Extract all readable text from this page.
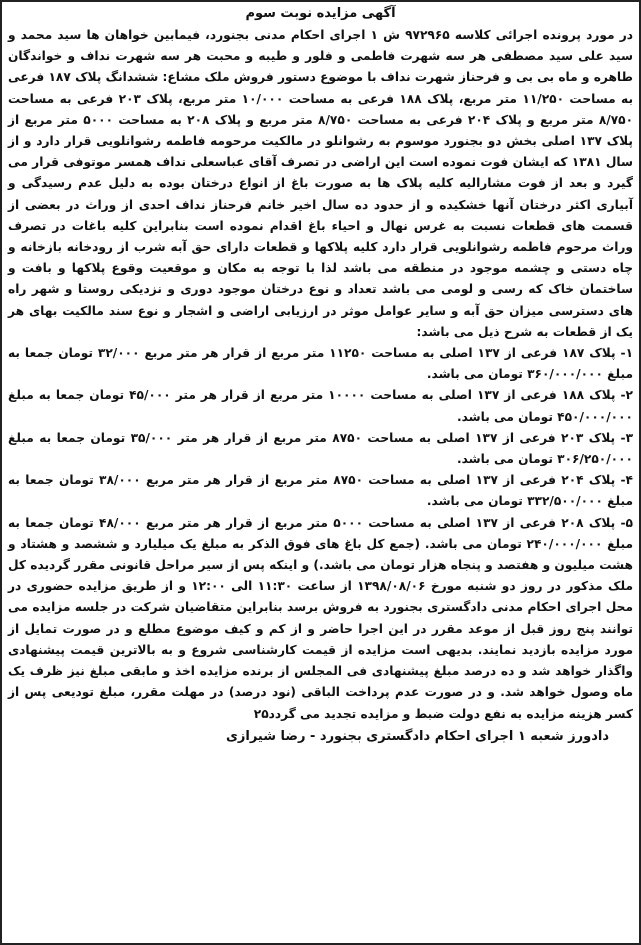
آگهی مزایده نوبت سوم

در مورد پرونده اجرائی کلاسه ۹۷۲۹۶۵ ش ۱ اجرای احکام مدنی بجنورد، فیمابین خواهان ها سید محمد و سید علی سید مصطفی هر سه شهرت فاطمی و فلور و طیبه و محبت هر سه شهرت نداف و خواندگان طاهره و ماه بی بی و فرحناز شهرت نداف با موضوع دستور فروش ملک مشاع: ششدانگ پلاک ۱۸۷ فرعی به مساحت ۱۱/۲۵۰ متر مربع، پلاک ۱۸۸ فرعی به مساحت ۱۰/۰۰۰ متر مربع، پلاک ۲۰۳ فرعی به مساحت ۸/۷۵۰ متر مربع و پلاک ۲۰۴ فرعی به مساحت ۸/۷۵۰ متر مربع و پلاک ۲۰۸ به مساحت ۵۰۰۰ متر مربع از پلاک ۱۳۷ اصلی بخش دو بجنورد موسوم به رشوانلو در مالکیت مرحومه فاطمه رشوانلویی قرار دارد و از سال ۱۳۸۱ که ایشان فوت نموده است این اراضی در تصرف آقای عباسعلی نداف همسر موتوفی قرار می گیرد و بعد از فوت مشارالیه کلیه پلاک ها به صورت باغ از انواع درختان بوده به دلیل عدم رسیدگی و آبیاری اکثر درختان آنها خشکیده و از حدود ده سال اخیر خانم فرحناز نداف احدی از وراث در بعضی از قسمت های قطعات نسبت به غرس نهال و احیاء باغ اقدام نموده است بنابراین کلیه باغات در تصرف وراث مرحوم فاطمه رشوانلویی قرار دارد کلیه پلاکها و قطعات دارای حق آبه شرب از رودخانه بازخانه و چاه دستی و چشمه موجود در منطقه می باشد لذا با توجه به مکان و موقعیت وقوع پلاکها و بافت و ساختمان خاک که رسی و لومی می باشد تعداد و نوع درختان موجود دوری و نزدیکی روستا و شهر راه های دسترسی میزان حق آبه و سایر عوامل موثر در ارزیابی اراضی و اشجار و نوع سند مالکیت بهای هر یک از قطعات به شرح ذیل می باشد:

۱- پلاک ۱۸۷ فرعی از ۱۳۷ اصلی به مساحت ۱۱۲۵۰ متر مربع از قرار هر متر مربع ۳۲/۰۰۰ تومان جمعا به مبلغ ۳۶۰/۰۰۰/۰۰۰ تومان می باشد.

۲- پلاک ۱۸۸ فرعی از ۱۳۷ اصلی به مساحت ۱۰۰۰۰ متر مربع از قرار هر متر ۴۵/۰۰۰ تومان جمعا به مبلغ ۴۵۰/۰۰۰/۰۰۰ تومان می باشد.

۳- پلاک ۲۰۳ فرعی از ۱۳۷ اصلی به مساحت ۸۷۵۰ متر مربع از قرار هر متر ۳۵/۰۰۰ تومان جمعا به مبلغ ۳۰۶/۲۵۰/۰۰۰ تومان می باشد.

۴- پلاک ۲۰۴ فرعی از ۱۳۷ اصلی به مساحت ۸۷۵۰ متر مربع از قرار هر متر مربع ۳۸/۰۰۰ تومان جمعا به مبلغ ۳۳۲/۵۰۰/۰۰۰ تومان می باشد.

۵- پلاک ۲۰۸ فرعی از ۱۳۷ اصلی به مساحت ۵۰۰۰ متر مربع از قرار هر متر مربع ۴۸/۰۰۰ تومان جمعا به مبلغ ۲۴۰/۰۰۰/۰۰۰ تومان می باشد. (جمع کل باغ های فوق الذکر به مبلغ یک میلیارد و ششصد و هشتاد و هشت میلیون و هفتصد و پنجاه هزار تومان می باشد.) و اینکه پس از سیر مراحل قانونی مقرر گردیده کل ملک مذکور در روز دو شنبه مورخ ۱۳۹۸/۰۸/۰۶ از ساعت ۱۱:۳۰ الی ۱۲:۰۰ و از طریق مزایده حضوری در محل اجرای احکام مدنی دادگستری بجنورد به فروش برسد بنابراین متقاضیان شرکت در جلسه مزایده می توانند پنج روز قبل از موعد مقرر در این اجرا حاضر و از کم و کیف موضوع مطلع و در صورت تمایل از مورد مزایده بازدید نمایند. بدیهی است مزایده از قیمت کارشناسی شروع و به بالاترین قیمت پیشنهادی واگذار خواهد شد و ده درصد مبلغ پیشنهادی فی المجلس از برنده مزایده اخذ و مابقی مبلغ نیز ظرف یک ماه وصول خواهد شد. و در صورت عدم پرداخت الباقی (نود درصد) در مهلت مقرر، مبلغ تودیعی پس از کسر هزینه مزایده به نفع دولت ضبط و مزایده تجدید می گردد۲۵

دادورز شعبه ۱ اجرای احکام دادگستری بجنورد - رضا شیرازی
